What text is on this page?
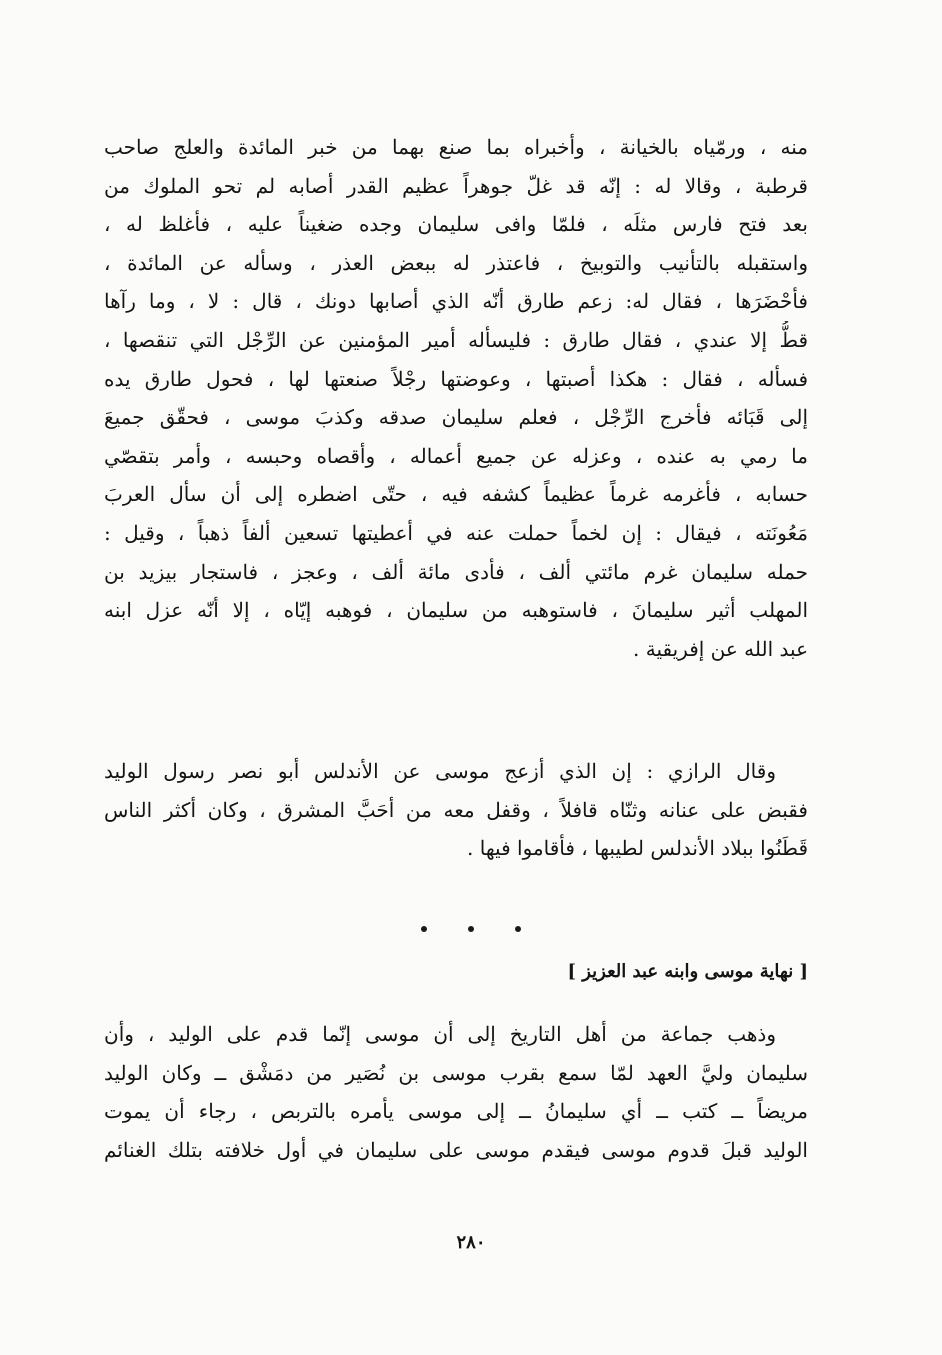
منه ، ورمّياه بالخيانة ، وأخبراه بما صنع بهما من خبر المائدة والعلج صاحب
قرطبة ، وقالا له : إنّه قد غلّ جوهراً عظيم القدر أصابه لم تحو الملوك من
بعد فتح فارس مثلَه ، فلمّا وافى سليمان وجده ضغيناً عليه ، فأغلظ له ،
واستقبله بالتأنيب والتوبيخ ، فاعتذر له ببعض العذر ، وسأله عن المائدة ،
فأحْضَرَها ، فقال له: زعم طارق أنّه الذي أصابها دونك ، قال : لا ، وما رآها
قطُّ إلا عندي ، فقال طارق : فليسأله أمير المؤمنين عن الرِّجْل التي تنقصها ،
فسأله ، فقال : هكذا أصبتها ، وعوضتها رجْلاً صنعتها لها ، فحول طارق يده
إلى قَبَائه فأخرج الرِّجْل ، فعلم سليمان صدقه وكذبَ موسى ، فحقّق جميعَ
ما رمي به عنده ، وعزله عن جميع أعماله ، وأقصاه وحبسه ، وأمر بتقصّي
حسابه ، فأغرمه غرماً عظيماً كشفه فيه ، حتّى اضطره إلى أن سأل العربَ
مَعُونَته ، فيقال : إن لخماً حملت عنه في أعطيتها تسعين ألفاً ذهباً ، وقيل :
حمله سليمان غرم مائتي ألف ، فأدى مائة ألف ، وعجز ، فاستجار بيزيد بن
المهلب أثير سليمانَ ، فاستوهبه من سليمان ، فوهبه إيّاه ، إلا أنّه عزل ابنه
عبد الله عن إفريقية .
وقال الرازي : إن الذي أزعج موسى عن الأندلس أبو نصر رسول الوليد
فقبض على عنانه وثنّاه قافلاً ، وقفل معه من أحَبَّ المشرق ، وكان أكثر الناس
قَطَنُوا ببلاد الأندلس لطيبها ، فأقاموا فيها .

[ نهاية موسى وابنه عبد العزيز ]
وذهب جماعة من أهل التاريخ إلى أن موسى إنّما قدم على الوليد ، وأن
سليمان وليَّ العهد لمّا سمع بقرب موسى بن نُصَير من دمَشْق ــ وكان الوليد
مريضاً ــ كتب ــ أي سليمانُ ــ إلى موسى يأمره بالتربص ، رجاء أن يموت
الوليد قبلَ قدوم موسى فيقدم موسى على سليمان في أول خلافته بتلك الغنائم
٢٨٠
